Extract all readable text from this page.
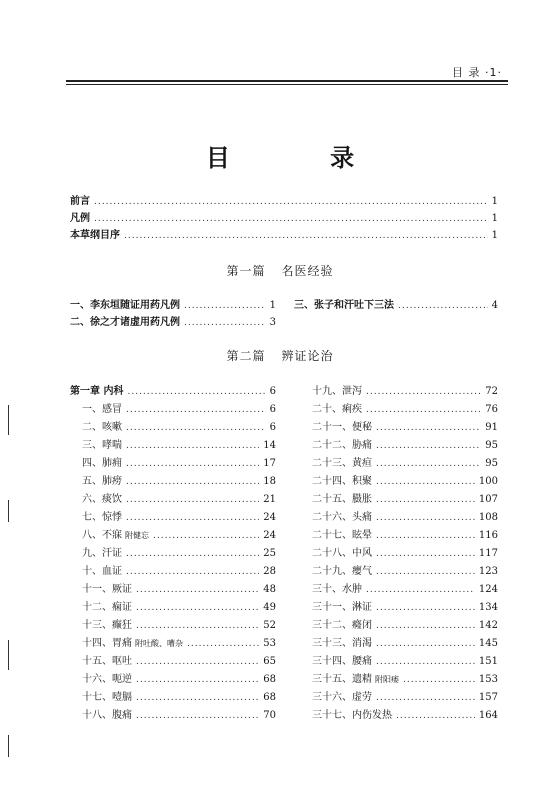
目 录 ·1·
目 录
前言 .....	1
凡例 .....	1
本草纲目序 .....	1
第一篇 名医经验
一、李东垣随证用药凡例 .....	1
二、徐之才诸虚用药凡例 .....	3
三、张子和汗吐下三法 .....	4
第二篇 辨证论治
第一章 内科 .....	6
一、感冒 .....	6
二、咳嗽 .....	6
三、哮喘 .....	14
四、肺痈 .....	17
五、肺痨 .....	18
六、痰饮 .....	21
七、惊悸 .....	24
八、不寐 附健忘 .....	24
九、汗证 .....	25
十、血证 .....	28
十一、厥证 .....	48
十二、痫证 .....	49
十三、癫狂 .....	52
十四、胃痛 附吐酸、嘈杂 .....	53
十五、呕吐 .....	65
十六、呃逆 .....	68
十七、噎膈 .....	68
十八、腹痛 .....	70
十九、泄泻 .....	72
二十、痢疾 .....	76
二十一、便秘 .....	91
二十二、胁痛 .....	95
二十三、黄疸 .....	95
二十四、积聚 .....	100
二十五、臌胀 .....	107
二十六、头痛 .....	108
二十七、眩晕 .....	116
二十八、中风 .....	117
二十九、瘿气 .....	123
三十、水肿 .....	124
三十一、淋证 .....	134
三十二、癃闭 .....	142
三十三、消渴 .....	145
三十四、腰痛 .....	151
三十五、遗精 附阳痿 .....	153
三十六、虚劳 .....	157
三十七、内伤发热 .....	164
